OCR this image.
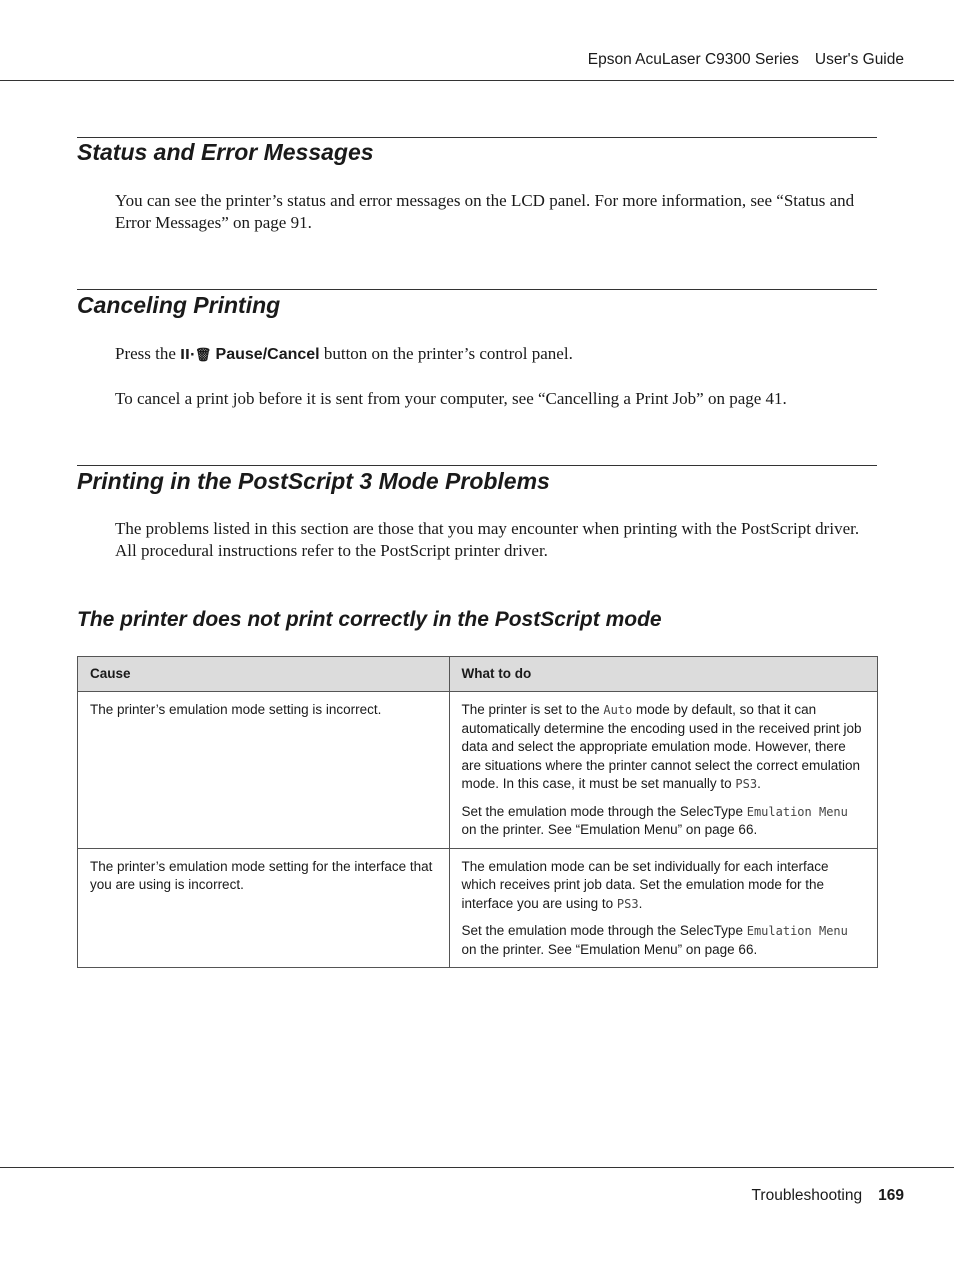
Epson AcuLaser C9300 Series User's Guide
Status and Error Messages

You can see the printer’s status and error messages on the LCD panel. For more information, see “Status and Error Messages” on page 91.

Canceling Printing

Press the II·🗑 Pause/Cancel button on the printer’s control panel.

To cancel a print job before it is sent from your computer, see “Cancelling a Print Job” on page 41.

Printing in the PostScript 3 Mode Problems

The problems listed in this section are those that you may encounter when printing with the PostScript driver. All procedural instructions refer to the PostScript printer driver.

The printer does not print correctly in the PostScript mode
Cause	What to do
The printer’s emulation mode setting is incorrect.	The printer is set to the Auto mode by default, so that it can automatically determine the encoding used in the received print job data and select the appropriate emulation mode. However, there are situations where the printer cannot select the correct emulation mode. In this case, it must be set manually to PS3.

Set the emulation mode through the SelecType Emulation Menu on the printer. See “Emulation Menu” on page 66.

The printer’s emulation mode setting for the interface that you are using is incorrect.	The emulation mode can be set individually for each interface which receives print job data. Set the emulation mode for the interface you are using to PS3.

Set the emulation mode through the SelecType Emulation Menu on the printer. See “Emulation Menu” on page 66.

Troubleshooting 169
